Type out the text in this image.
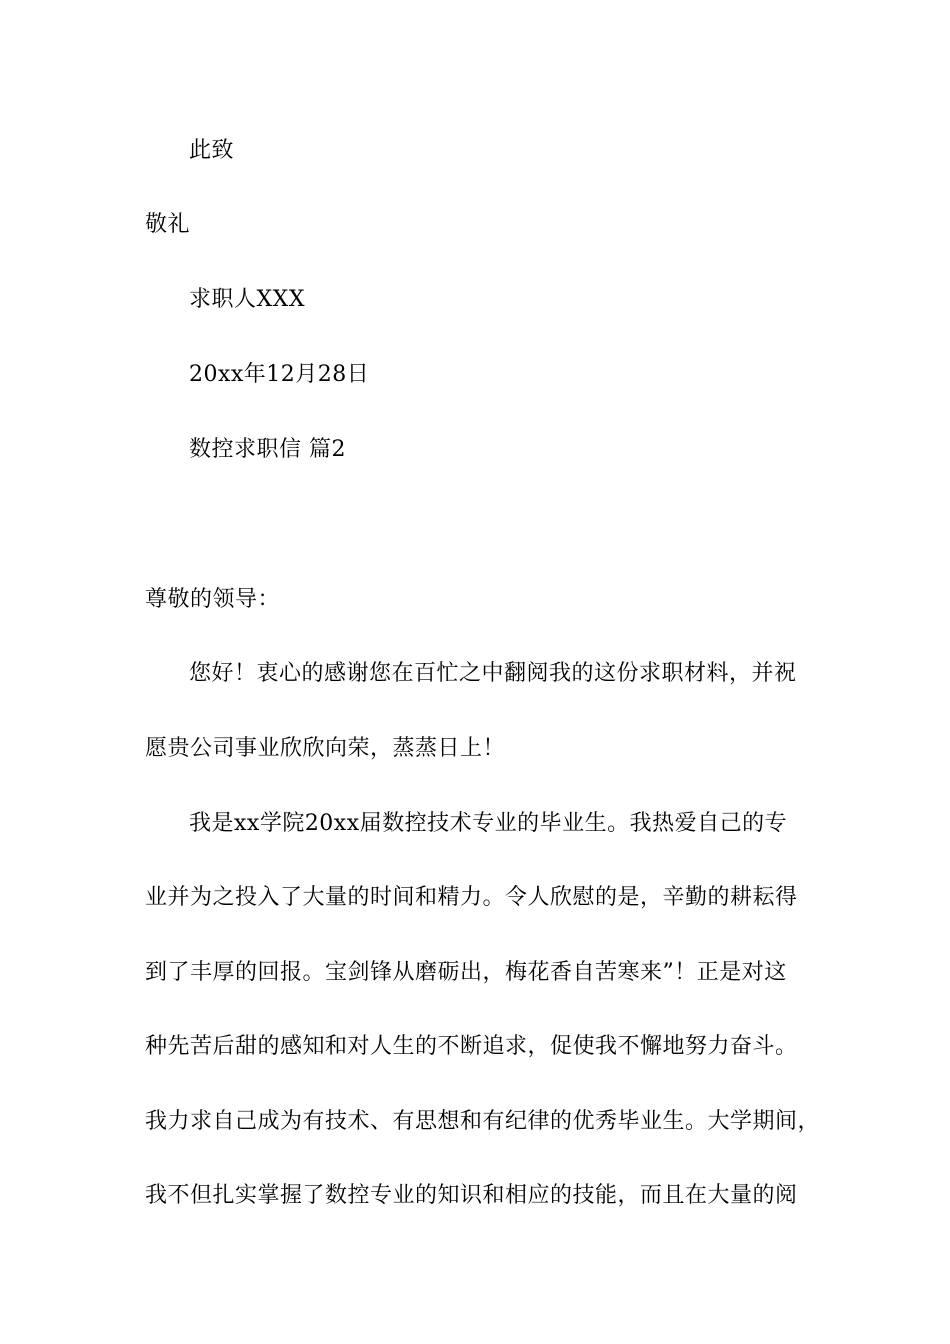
此致
敬礼
求职人XXX
20xx年12月28日
数控求职信 篇2
尊敬的领导：
您好！衷心的感谢您在百忙之中翻阅我的这份求职材料，并祝
愿贵公司事业欣欣向荣，蒸蒸日上！
我是xx学院20xx届数控技术专业的毕业生。我热爱自己的专
业并为之投入了大量的时间和精力。令人欣慰的是，辛勤的耕耘得
到了丰厚的回报。宝剑锋从磨砺出，梅花香自苦寒来”！正是对这
种先苦后甜的感知和对人生的不断追求，促使我不懈地努力奋斗。
我力求自己成为有技术、有思想和有纪律的优秀毕业生。大学期间，
我不但扎实掌握了数控专业的知识和相应的技能，而且在大量的阅
